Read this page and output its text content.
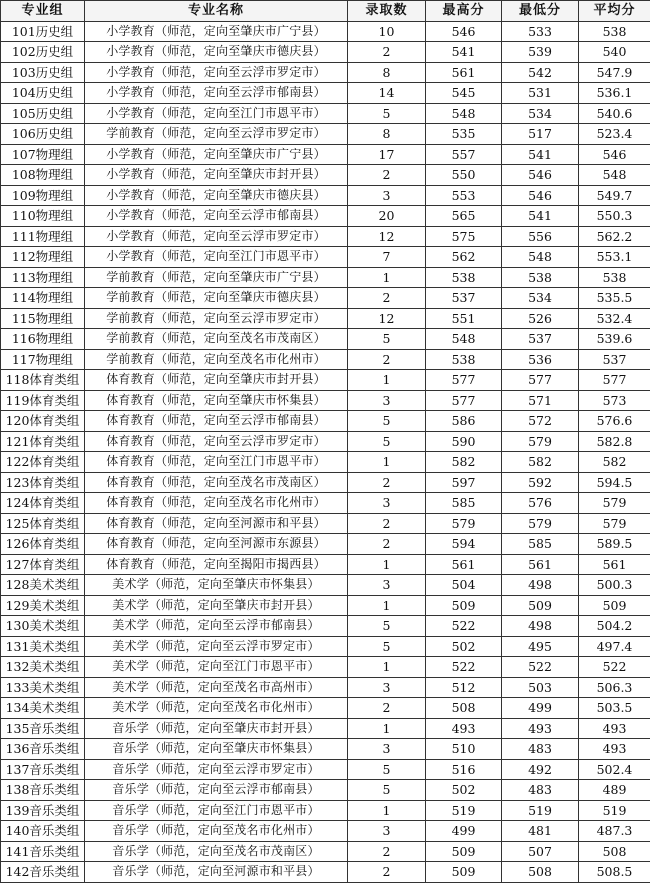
专业组	专业名称	录取数	最高分	最低分	平均分
101历史组	小学教育（师范，定向至肇庆市广宁县）	10	546	533	538
102历史组	小学教育（师范，定向至肇庆市德庆县）	2	541	539	540
103历史组	小学教育（师范，定向至云浮市罗定市）	8	561	542	547.9
104历史组	小学教育（师范，定向至云浮市郁南县）	14	545	531	536.1
105历史组	小学教育（师范，定向至江门市恩平市）	5	548	534	540.6
106历史组	学前教育（师范，定向至云浮市罗定市）	8	535	517	523.4
107物理组	小学教育（师范，定向至肇庆市广宁县）	17	557	541	546
108物理组	小学教育（师范，定向至肇庆市封开县）	2	550	546	548
109物理组	小学教育（师范，定向至肇庆市德庆县）	3	553	546	549.7
110物理组	小学教育（师范，定向至云浮市郁南县）	20	565	541	550.3
111物理组	小学教育（师范，定向至云浮市罗定市）	12	575	556	562.2
112物理组	小学教育（师范，定向至江门市恩平市）	7	562	548	553.1
113物理组	学前教育（师范，定向至肇庆市广宁县）	1	538	538	538
114物理组	学前教育（师范，定向至肇庆市德庆县）	2	537	534	535.5
115物理组	学前教育（师范，定向至云浮市罗定市）	12	551	526	532.4
116物理组	学前教育（师范，定向至茂名市茂南区）	5	548	537	539.6
117物理组	学前教育（师范，定向至茂名市化州市）	2	538	536	537
118体育类组	体育教育（师范，定向至肇庆市封开县）	1	577	577	577
119体育类组	体育教育（师范，定向至肇庆市怀集县）	3	577	571	573
120体育类组	体育教育（师范，定向至云浮市郁南县）	5	586	572	576.6
121体育类组	体育教育（师范，定向至云浮市罗定市）	5	590	579	582.8
122体育类组	体育教育（师范，定向至江门市恩平市）	1	582	582	582
123体育类组	体育教育（师范，定向至茂名市茂南区）	2	597	592	594.5
124体育类组	体育教育（师范，定向至茂名市化州市）	3	585	576	579
125体育类组	体育教育（师范，定向至河源市和平县）	2	579	579	579
126体育类组	体育教育（师范，定向至河源市东源县）	2	594	585	589.5
127体育类组	体育教育（师范，定向至揭阳市揭西县）	1	561	561	561
128美术类组	美术学（师范，定向至肇庆市怀集县）	3	504	498	500.3
129美术类组	美术学（师范，定向至肇庆市封开县）	1	509	509	509
130美术类组	美术学（师范，定向至云浮市郁南县）	5	522	498	504.2
131美术类组	美术学（师范，定向至云浮市罗定市）	5	502	495	497.4
132美术类组	美术学（师范，定向至江门市恩平市）	1	522	522	522
133美术类组	美术学（师范，定向至茂名市高州市）	3	512	503	506.3
134美术类组	美术学（师范，定向至茂名市化州市）	2	508	499	503.5
135音乐类组	音乐学（师范，定向至肇庆市封开县）	1	493	493	493
136音乐类组	音乐学（师范，定向至肇庆市怀集县）	3	510	483	493
137音乐类组	音乐学（师范，定向至云浮市罗定市）	5	516	492	502.4
138音乐类组	音乐学（师范，定向至云浮市郁南县）	5	502	483	489
139音乐类组	音乐学（师范，定向至江门市恩平市）	1	519	519	519
140音乐类组	音乐学（师范，定向至茂名市化州市）	3	499	481	487.3
141音乐类组	音乐学（师范，定向至茂名市茂南区）	2	509	507	508
142音乐类组	音乐学（师范，定向至河源市和平县）	2	509	508	508.5
